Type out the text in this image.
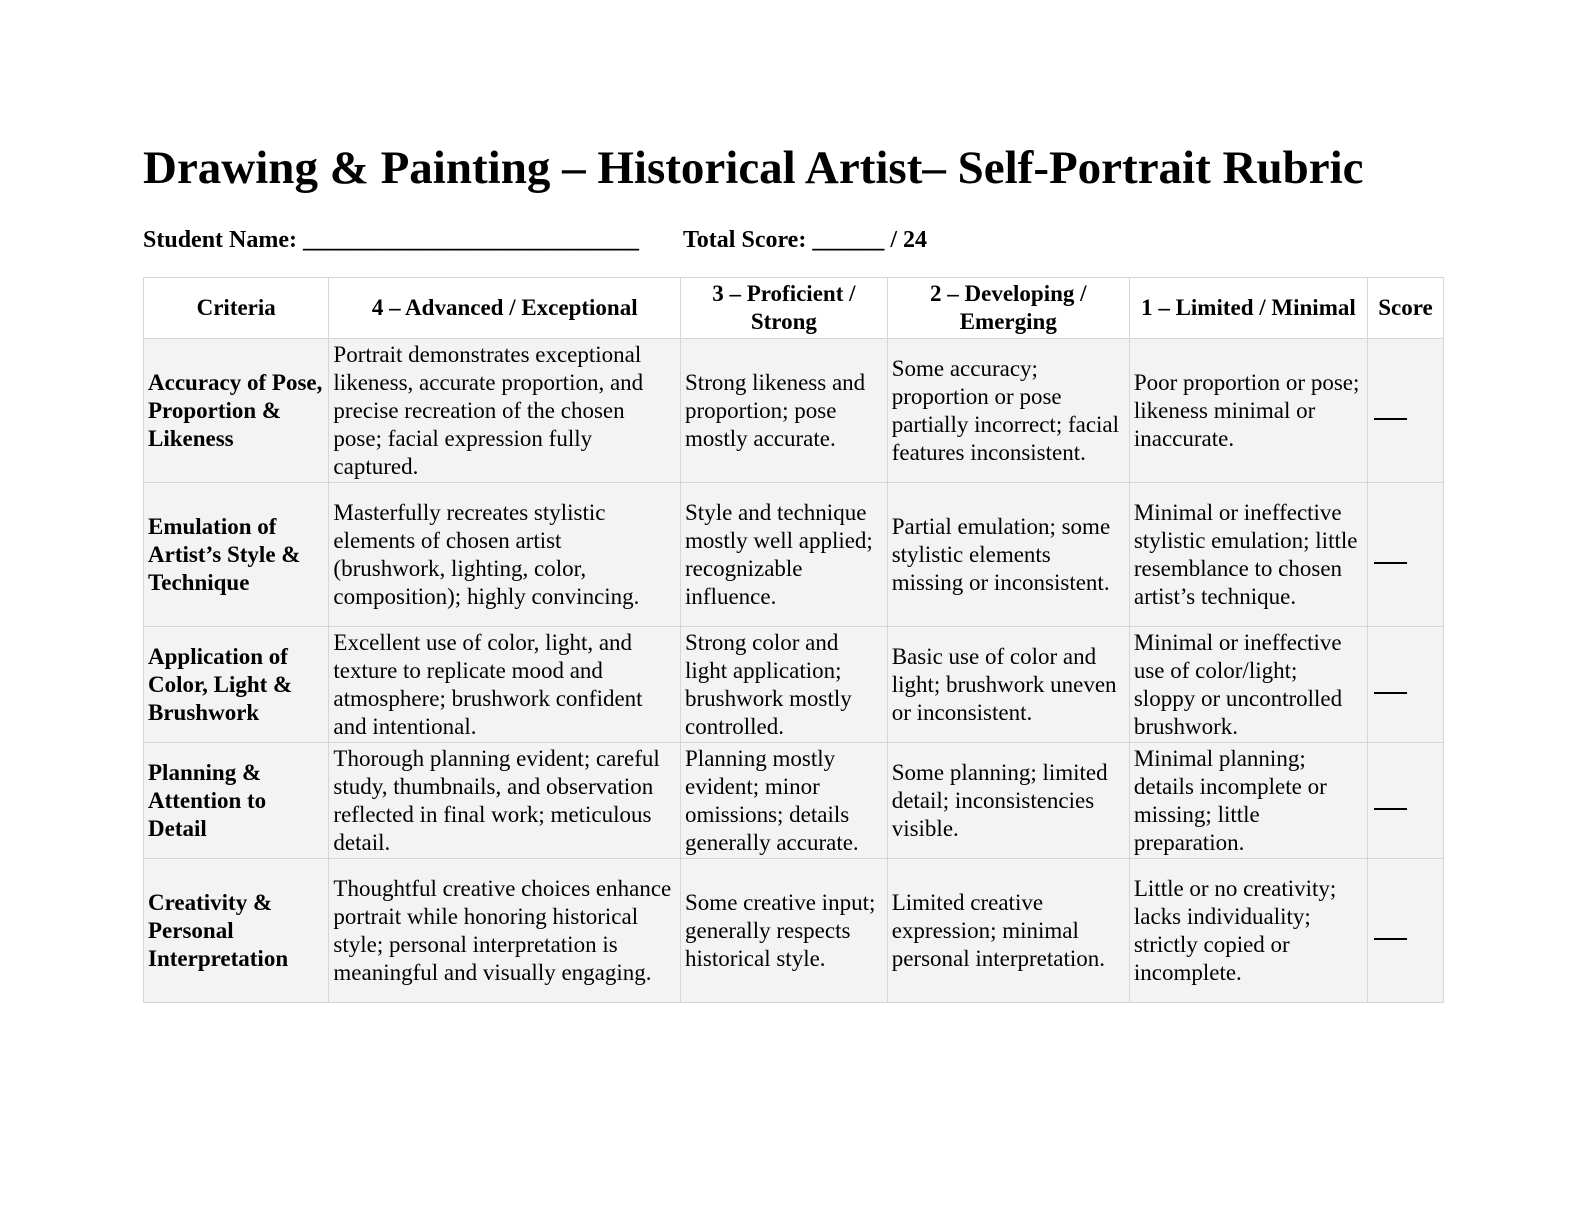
Drawing & Painting – Historical Artist– Self-Portrait Rubric
Student Name: ____________________________ Total Score: ______ / 24
Criteria	4 – Advanced / Exceptional	3 – Proficient / Strong	2 – Developing / Emerging	1 – Limited / Minimal	Score
Accuracy of Pose, Proportion & Likeness	Portrait demonstrates exceptional likeness, accurate proportion, and precise recreation of the chosen pose; facial expression fully captured.	Strong likeness and proportion; pose mostly accurate.	Some accuracy; proportion or pose partially incorrect; facial features inconsistent.	Poor proportion or pose; likeness minimal or inaccurate.	
Emulation of Artist’s Style & Technique	Masterfully recreates stylistic elements of chosen artist (brushwork, lighting, color, composition); highly convincing.	Style and technique mostly well applied; recognizable influence.	Partial emulation; some stylistic elements missing or inconsistent.	Minimal or ineffective stylistic emulation; little resemblance to chosen artist’s technique.	
Application of Color, Light & Brushwork	Excellent use of color, light, and texture to replicate mood and atmosphere; brushwork confident and intentional.	Strong color and light application; brushwork mostly controlled.	Basic use of color and light; brushwork uneven or inconsistent.	Minimal or ineffective use of color/light; sloppy or uncontrolled brushwork.	
Planning & Attention to Detail	Thorough planning evident; careful study, thumbnails, and observation reflected in final work; meticulous detail.	Planning mostly evident; minor omissions; details generally accurate.	Some planning; limited detail; inconsistencies visible.	Minimal planning; details incomplete or missing; little preparation.	
Creativity & Personal Interpretation	Thoughtful creative choices enhance portrait while honoring historical style; personal interpretation is meaningful and visually engaging.	Some creative input; generally respects historical style.	Limited creative expression; minimal personal interpretation.	Little or no creativity; lacks individuality; strictly copied or incomplete.	
